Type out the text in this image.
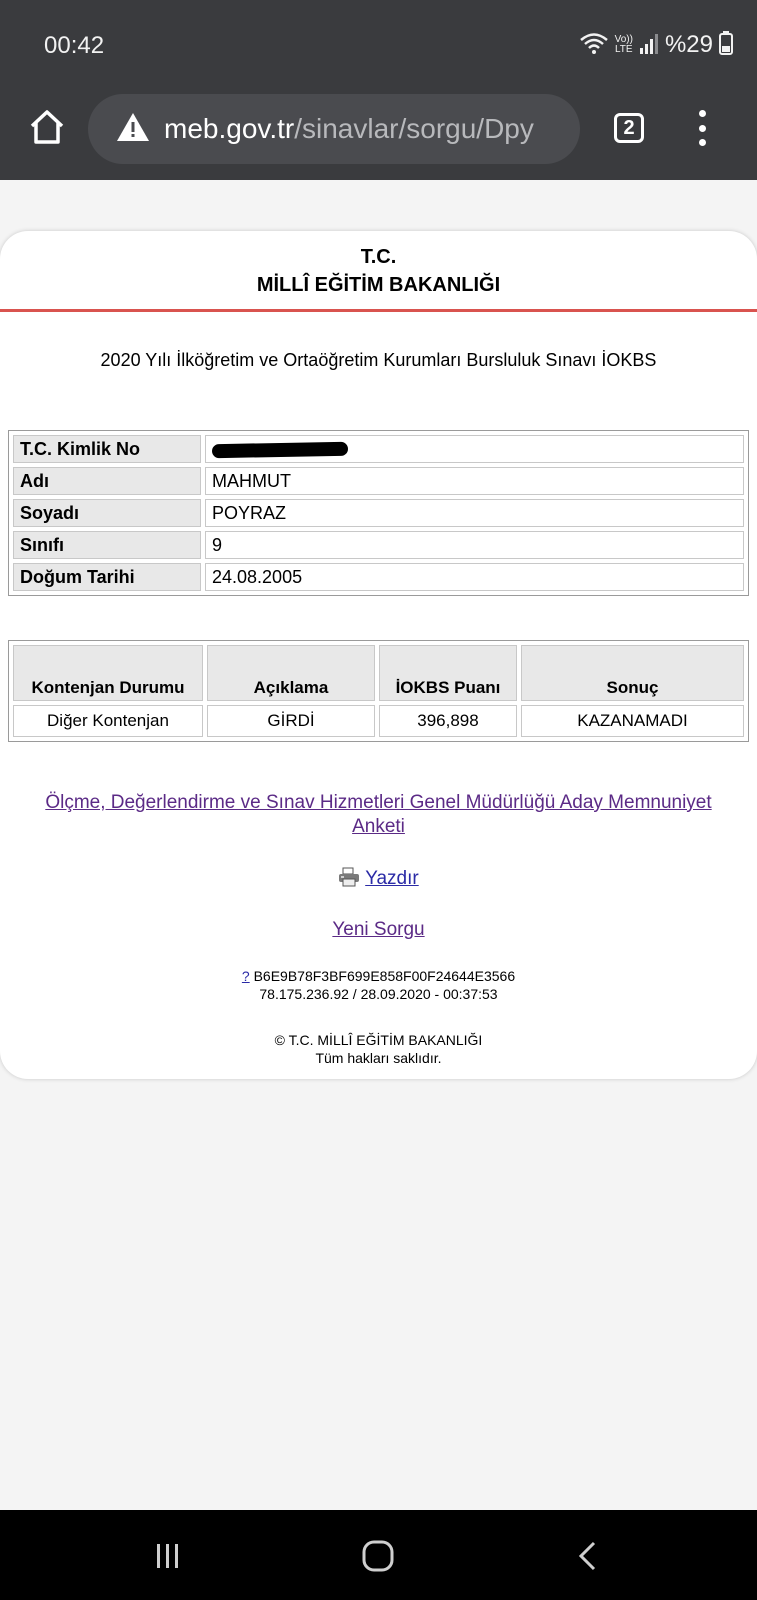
00:42	Vo))
LTE %29
meb.gov.tr/sinavlar/sorgu/Dpy	2
T.C.
MİLLÎ EĞİTİM BAKANLIĞI
2020 Yılı İlköğretim ve Ortaöğretim Kurumları Bursluluk Sınavı İOKBS
T.C. Kimlik No	
Adı	MAHMUT
Soyadı	POYRAZ
Sınıfı	9
Doğum Tarihi	24.08.2005
Kontenjan Durumu	Açıklama	İOKBS Puanı	Sonuç
Diğer Kontenjan	GİRDİ	396,898	KAZANAMADI
Ölçme, Değerlendirme ve Sınav Hizmetleri Genel Müdürlüğü Aday Memnuniyet Anketi
Yazdır
Yeni Sorgu
? B6E9B78F3BF699E858F00F24644E3566
78.175.236.92 / 28.09.2020 - 00:37:53
© T.C. MİLLÎ EĞİTİM BAKANLIĞI
Tüm hakları saklıdır.
